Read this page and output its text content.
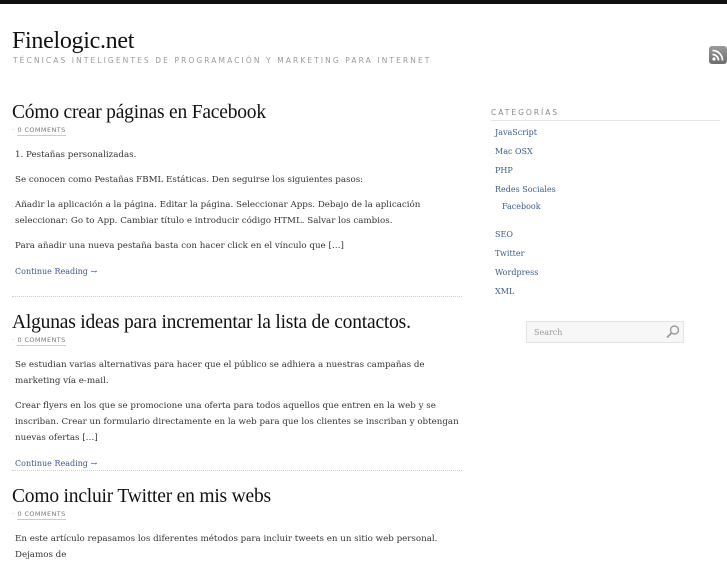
Finelogic.net
TÉCNICAS INTELIGENTES DE PROGRAMACIÓN Y MARKETING PARA INTERNET
Cómo crear páginas en Facebook
· 0 COMMENTS

1. Pestañas personalizadas.

Se conocen como Pestañas FBML Estáticas. Den seguirse los siguientes pasos:

Añadir la aplicación a la página. Editar la página. Seleccionar Apps. Debajo de la aplicación seleccionar: Go to App. Cambiar título e introducir código HTML. Salvar los cambios.

Para añadir una nueva pestaña basta con hacer click en el vínculo que […]

Continue Reading →
Algunas ideas para incrementar la lista de contactos.
· 0 COMMENTS

Se estudian varias alternativas para hacer que el público se adhiera a nuestras campañas de marketing vía e-mail.

Crear flyers en los que se promocione una oferta para todos aquellos que entren en la web y se inscriban. Crear un formulario directamente en la web para que los clientes se inscriban y obtengan nuevas ofertas […]

Continue Reading →
Como incluir Twitter en mis webs
· 0 COMMENTS

En este artículo repasamos los diferentes métodos para incluir tweets en un sitio web personal. Dejamos de

CATEGORÍAS
JavaScript
Mac OSX
PHP
Redes Sociales
Facebook
SEO
Twitter
Wordpress
XML
Search
